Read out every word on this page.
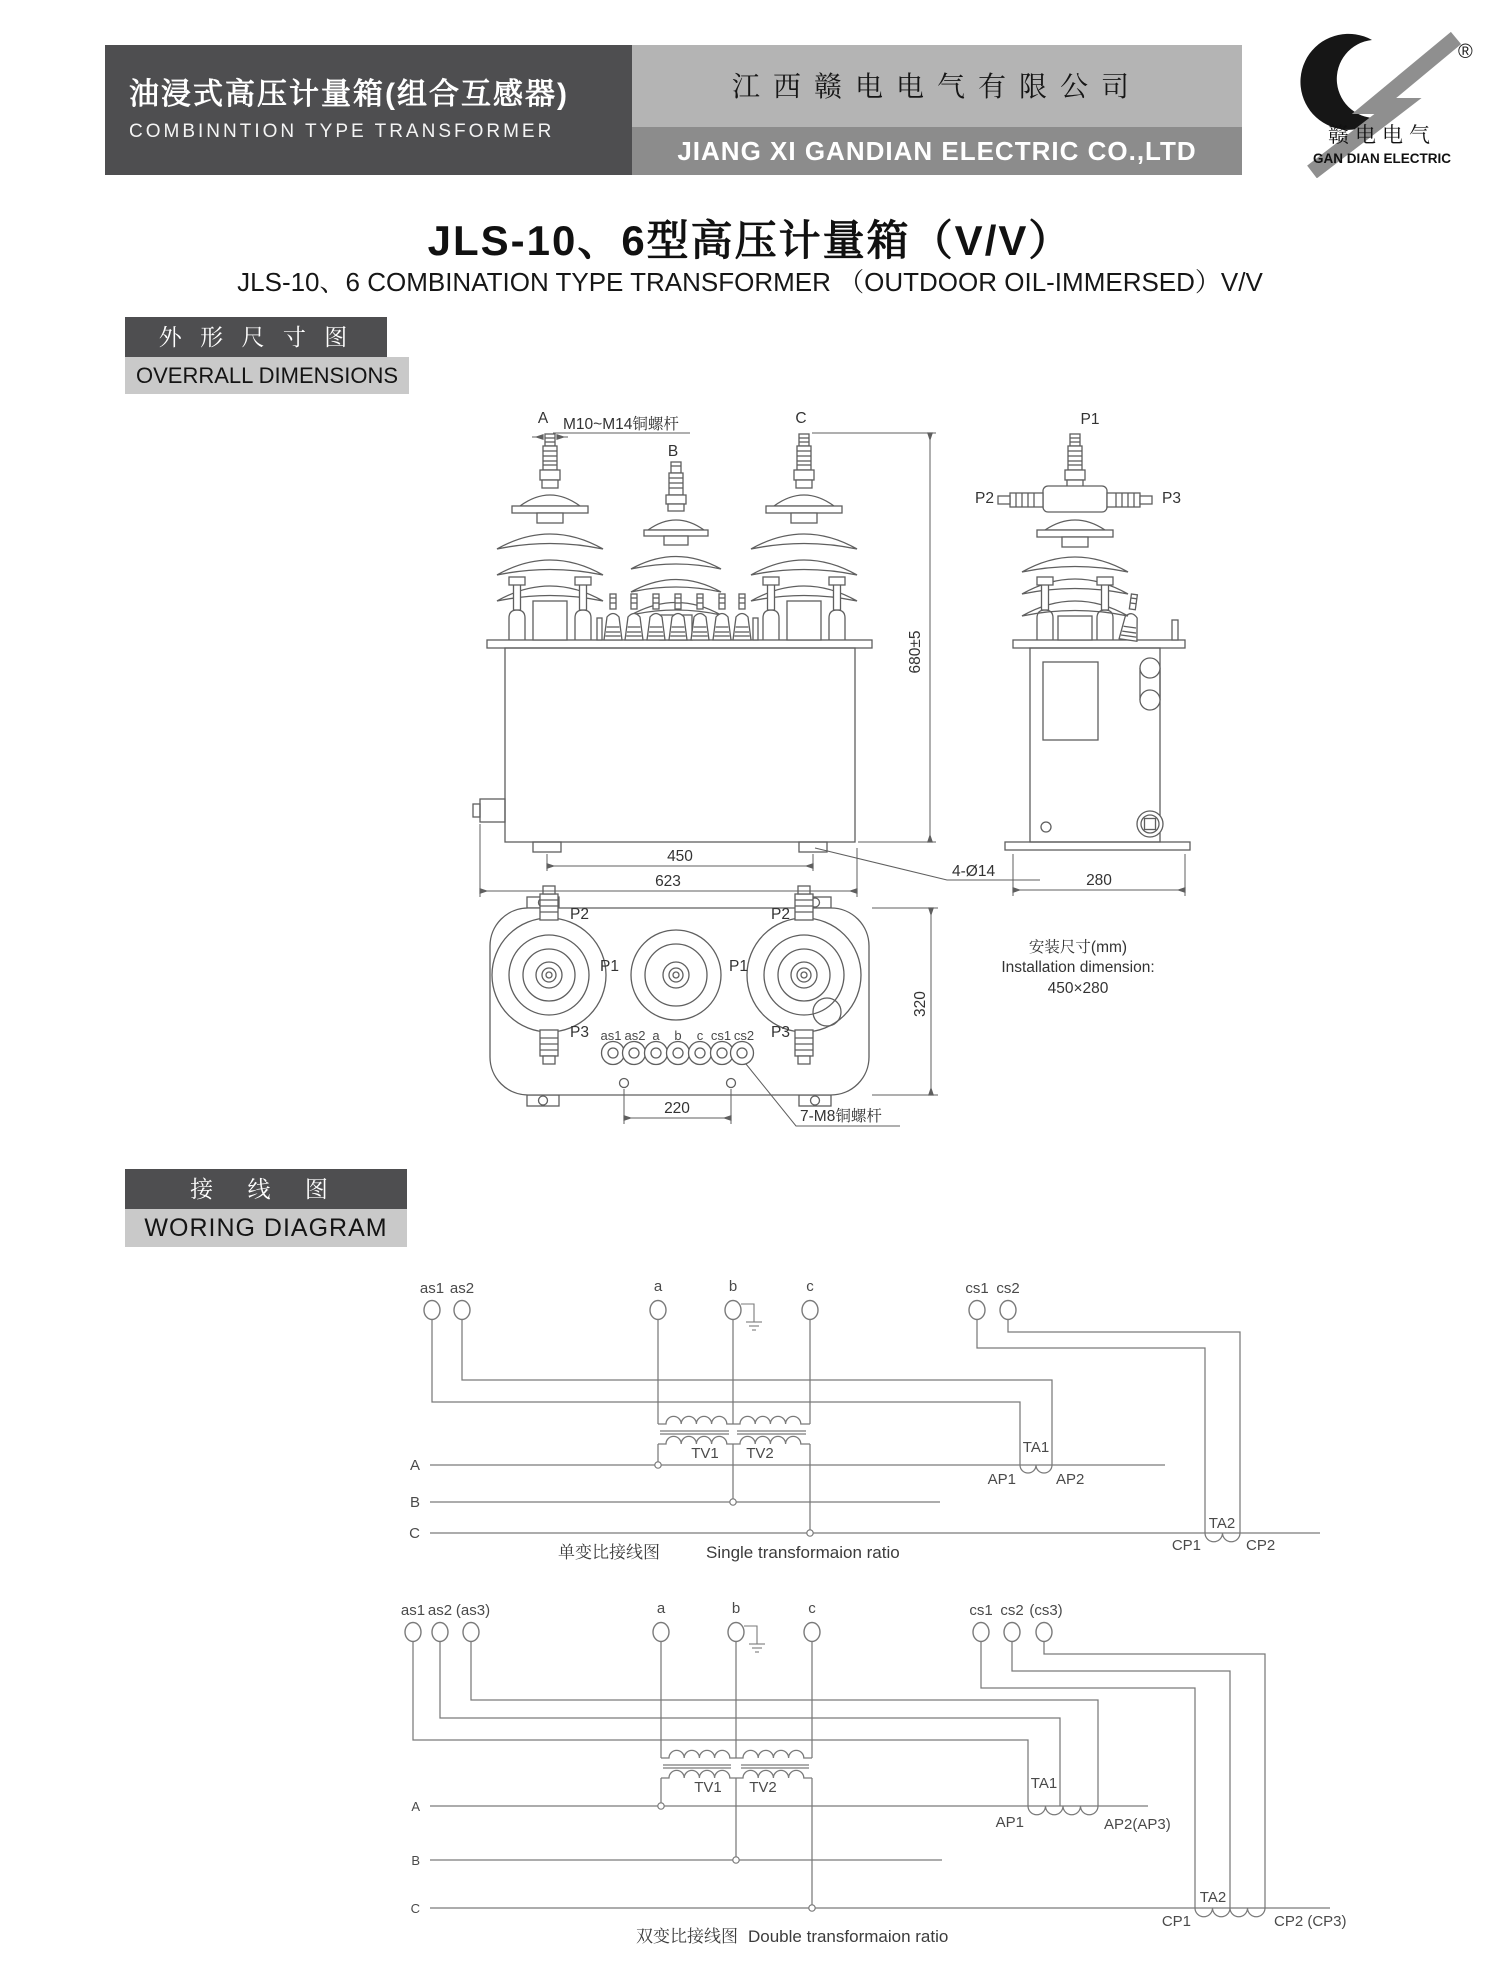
油浸式高压计量箱(组合互感器)
COMBINNTION TYPE TRANSFORMER
江西赣电电气有限公司
JIANG XI GANDIAN ELECTRIC CO.,LTD
®
赣电电气
GAN DIAN ELECTRIC
JLS-10、6型高压计量箱（V/V）
JLS-10、6 COMBINATION TYPE TRANSFORMER （OUTDOOR OIL-IMMERSED）V/V
外 形 尺 寸 图
OVERRALL DIMENSIONS
接 线 图
WORING DIAGRAM
A
B
C
M10~M14铜螺杆	P1
P2	P3
P2
P1
P3
P2
P1
P3
as1 as2 a b c cs1 cs2
7-M8铜螺杆
680±5
450
623
4-Ø14
280
220
320
安装尺寸(mm)
Installation dimension:
450×280
as1 as2	a	b	c	cs1 cs2
TV1 TV2
A
B
C
TA1
AP1	AP2
TA2
CP1	CP2
单变比接线图	Single transformaion ratio
as1 as2 (as3)	a	b	c	cs1 cs2 (cs3)
TV1 TV2
A
B
C
TA1
AP1	AP2(AP3)
TA2
CP1	CP2 (CP3)
双变比接线图 Double transformaion ratio
